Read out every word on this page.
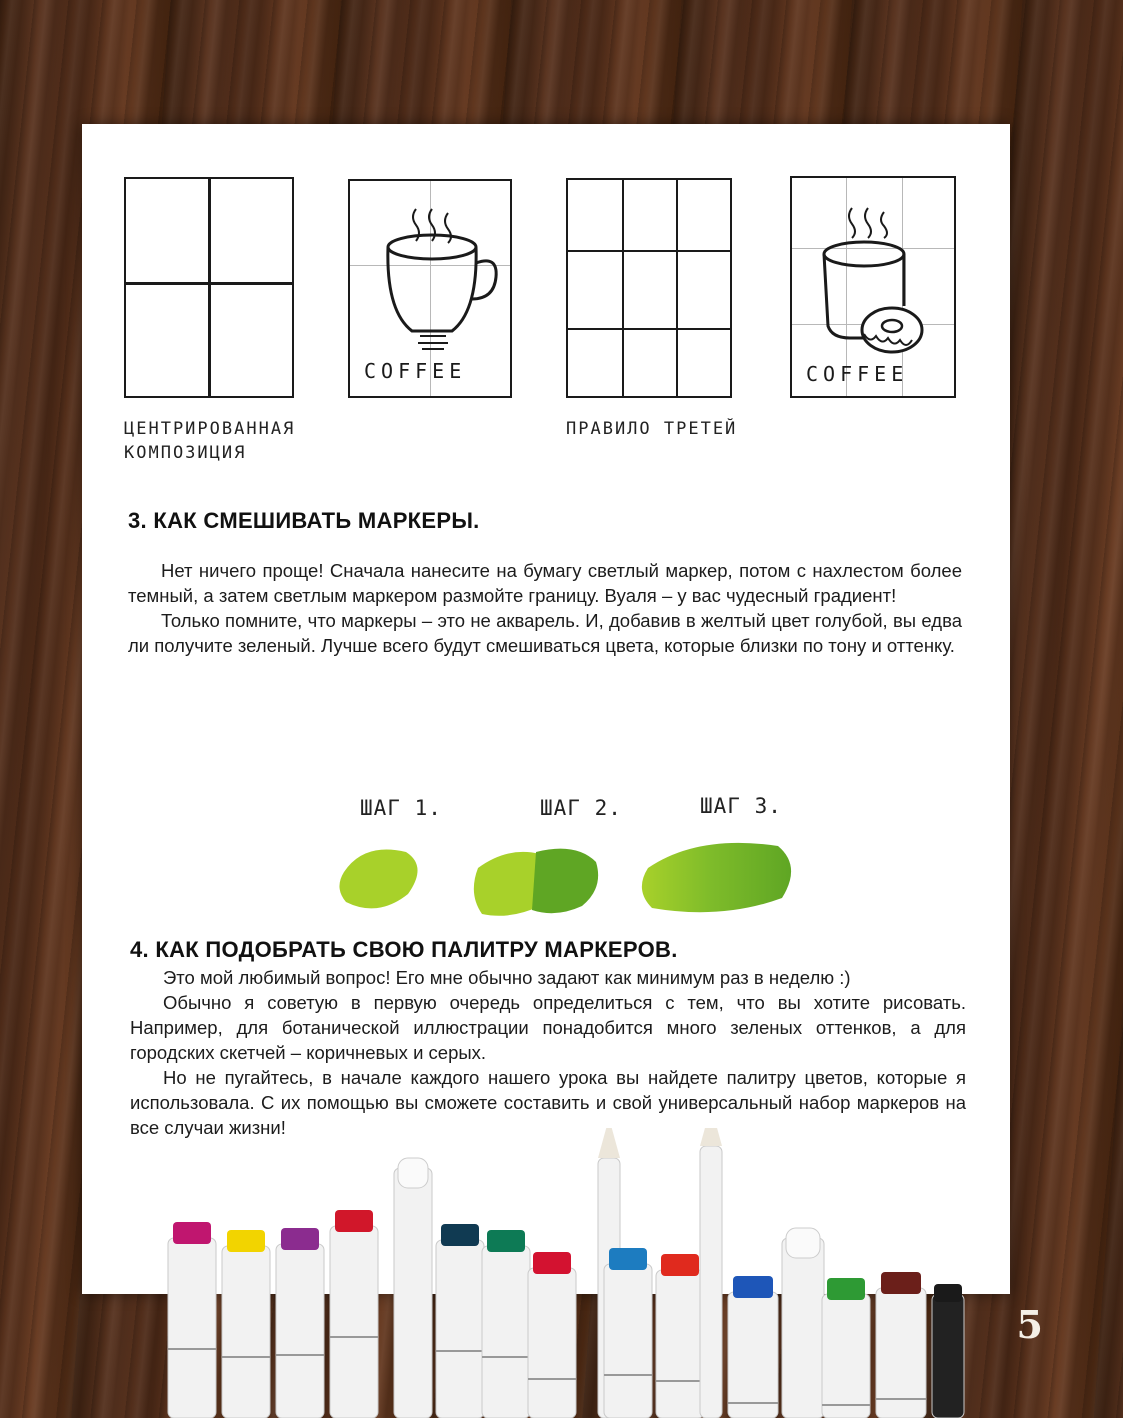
COFFEE	COFFEE
ЦЕНТРИРОВАННАЯ
КОМПОЗИЦИЯ
ПРАВИЛО ТРЕТЕЙ
3. КАК СМЕШИВАТЬ МАРКЕРЫ.

Нет ничего проще! Сначала нанесите на бумагу светлый маркер, потом с нахлестом более темный, а затем светлым маркером размойте границу. Вуаля – у вас чудесный градиент!

Только помните, что маркеры – это не акварель. И, добавив в желтый цвет голубой, вы едва ли получите зеленый. Лучше всего будут смешиваться цвета, которые близки по тону и оттенку.

ШАГ 1.	ШАГ 2.	ШАГ 3.
4. КАК ПОДОБРАТЬ СВОЮ ПАЛИТРУ МАРКЕРОВ.

Это мой любимый вопрос! Его мне обычно задают как минимум раз в неделю :)

Обычно я советую в первую очередь определиться с тем, что вы хотите рисовать. Например, для ботанической иллюстрации понадобится много зеленых оттенков, а для городских скетчей – коричневых и серых.

Но не пугайтесь, в начале каждого нашего урока вы найдете палитру цветов, которые я использовала. С их помощью вы сможете составить и свой универсальный набор маркеров на все случаи жизни!

5
